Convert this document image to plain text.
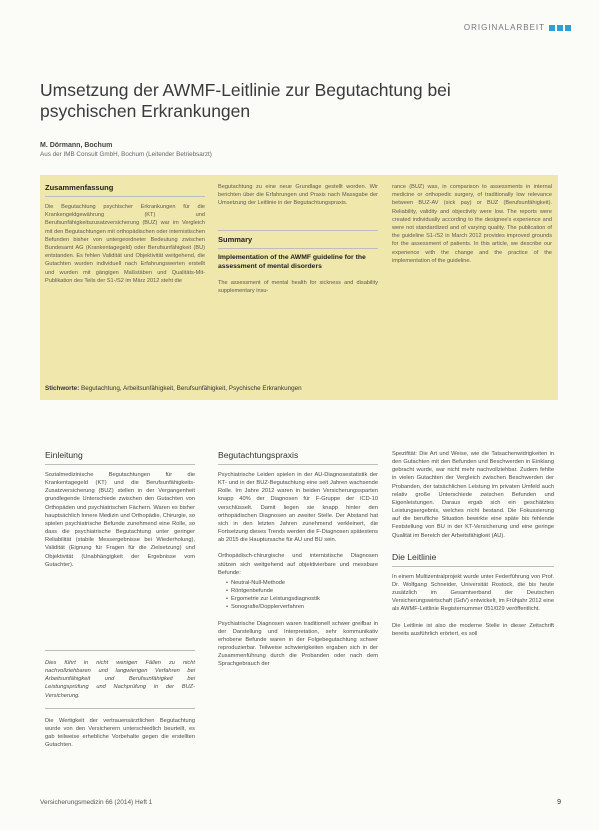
ORIGINALARBEIT
Umsetzung der AWMF-Leitlinie zur Begutachtung bei psychischen Erkrankungen
M. Dörmann, Bochum
Aus der IMB Consult GmbH, Bochum (Leitender Betriebsarzt)
Zusammenfassung
Die Begutachtung psychischer Erkrankungen für die Krankengeldgewährung (KT) und Berufsunfähigkeitszusatzversicherung (BUZ) war im Vergleich mit den Begutachtungen mit orthopädischen oder internistischen Befunden bisher von untergeordneter Bedeutung zwischen Bundesamt AG (Krankentagegeld) oder Berufsunfähigkeit (BU) entstanden. Es fehlen Validität und Objektivität weitgehend, die Gutachten wurden individuell nach Erfahrungswerten erstellt und wurden mit gängigen Maßstäben und Qualitäts-Mit-Publikation des Teils der S1-/S2 im März 2012 steht die
Begutachtung zu eine neue Grundlage gestellt worden. Wir berichten über die Erfahrungen und Praxis nach Massgabe der Umsetzung der Leitlinie in der Begutachtungspraxis.
Summary
Implementation of the AWMF guideline for the assessment of mental disorders
The assessment of mental health for sickness and disability supplementary insu-
rance (BUZ) was, in comparison to assessments in internal medicine or orthopedic surgery, of traditionally low relevance between BUZ-AV (sick pay) or BUZ (Berufsunfähigkeit). Reliability, validity and objectivity were low. The reports were created individually according to the designee's experience and were not standardized and of varying quality. The publication of the guideline S1-/S2 in March 2012 provides improved grounds for the assessment of patients. In this article, we describe our experience with the change and the practice of the implementation of the guideline.
Stichworte: Begutachtung, Arbeitsunfähigkeit, Berufsunfähigkeit, Psychische Erkrankungen
Einleitung
Sozialmedizinische Begutachtungen für die Krankentagegeld (KT) und die Berufsunfähigkeits-Zusatzversicherung (BUZ) stellen in der Vergangenheit grundlegende Unterschiede zwischen den Gutachten von Orthopäden und psychiatrischen Fächern. Waren es bisher hauptsächlich Innere Medizin und Orthopädie, Chirurgie, so spielen psychiatrische Befunde zunehmend eine Rolle, so dass die psychiatrische Begutachtung unter geringer Reliabilität (stabile Messergebnisse bei Wiederholung), Validität (Eignung für Fragen für die Zielsetzung) und Objektivität (Unabhängigkeit der Ergebnisse vom Gutachter).
Dies führt in nicht wenigen Fällen zu nicht nachvollziehbaren und langwierigen Verfahren bei Arbeitsunfähigkeit und Berufsunfähigkeit bei Leistungsprüfung und Nachprüfung in der BUZ-Versicherung.
Die Wertigkeit der vertrauensärztlichen Begutachtung wurde von den Versicherern unterschiedlich beurteilt, es gab teilweise erhebliche Vorbehalte gegen die erstellten Gutachten.
Begutachtungspraxis
Psychiatrische Leiden spielen in der AU-Diagnosestatistik der KT- und in der BUZ-Begutachtung eine seit Jahren wachsende Rolle. Im Jahre 2012 waren in beiden Versicherungssparten knapp 40% der Diagnosen für F-Gruppe der ICD-10 verschlüsselt. Damit liegen sie knapp hinter den orthopädischen Diagnosen an zweiter Stelle. Der Abstand hat sich in den letzten Jahren zunehmend verkleinert, die Fortsetzung dieses Trends werden die F-Diagnosen spätestens ab 2015 die Hauptursache für AU und BU sein.
Orthopädisch-chirurgische und internistische Diagnosen stützen sich weitgehend auf objektivierbare und messbare Befunde:
• Neutral-Null-Methode
• Röntgenbefunde
• Ergometrie zur Leistungsdiagnostik
• Sonografie/Dopplerverfahren
Psychiatrische Diagnosen waren traditionell schwer greifbar in der Darstellung und Interpretation, sehr kommunikativ erhobene Befunde waren in der Folgebegutachtung schwer reproduzierbar. Teilweise schwierigkeiten ergaben sich in der Zusammenführung durch die Probanden oder nach dem Sprachgebrauch der
Spezifität: Die Art und Weise, wie die Tatsachenwidrigkeiten in den Gutachten mit den Befunden und Beschwerden in Einklang gebracht wurde, war nicht mehr nachvollziehbar. Zudem fehlte in vielen Gutachten der Vergleich zwischen Beschwerden der Probanden, der tatsächlichen Leistung im privaten Umfeld auch relativ große Unterschiede zwischen Befunden und Eigenleistungen. Daraus ergab sich ein geschätztes Leistungsergebnis, welches nicht bestand. Die Fokussierung auf die berufliche Situation bewirkte eine späte bis fehlende Feststellung von BU in der KT-Versicherung und eine geringe Qualität im Bereich der Arbeitsfähigkeit (AU).
Die Leitlinie
In einem Multizentralprojekt wurde unter Federführung von Prof. Dr. Wolfgang Schneider, Universität Rostock, die bis heute zusätzlich im Gesamtverband der Deutschen Versicherungswirtschaft (GdV) entwickelt, im Frühjahr 2012 eine als AWMF-Leitlinie Registernummer 051/029 veröffentlicht.
Die Leitlinie ist also die moderne Stelle in dieser Zeitschrift bereits ausführlich erörtert, es soll
Versicherungsmedizin 66 (2014) Heft 1	9
